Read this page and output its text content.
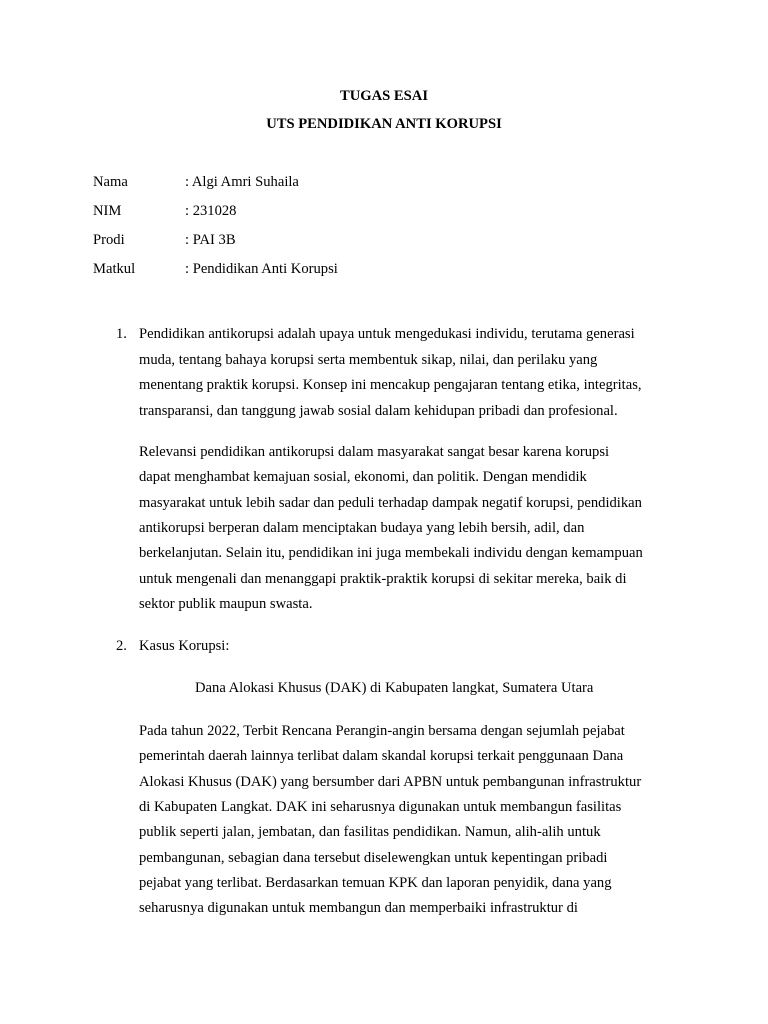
TUGAS ESAI
UTS PENDIDIKAN ANTI KORUPSI
Nama	: Algi Amri Suhaila
NIM	: 231028
Prodi	: PAI 3B
Matkul	: Pendidikan Anti Korupsi
1. Pendidikan antikorupsi adalah upaya untuk mengedukasi individu, terutama generasi
muda, tentang bahaya korupsi serta membentuk sikap, nilai, dan perilaku yang
menentang praktik korupsi. Konsep ini mencakup pengajaran tentang etika, integritas,
transparansi, dan tanggung jawab sosial dalam kehidupan pribadi dan profesional.
Relevansi pendidikan antikorupsi dalam masyarakat sangat besar karena korupsi
dapat menghambat kemajuan sosial, ekonomi, dan politik. Dengan mendidik
masyarakat untuk lebih sadar dan peduli terhadap dampak negatif korupsi, pendidikan
antikorupsi berperan dalam menciptakan budaya yang lebih bersih, adil, dan
berkelanjutan. Selain itu, pendidikan ini juga membekali individu dengan kemampuan
untuk mengenali dan menanggapi praktik-praktik korupsi di sekitar mereka, baik di
sektor publik maupun swasta.
2. Kasus Korupsi:
Dana Alokasi Khusus (DAK) di Kabupaten langkat, Sumatera Utara
Pada tahun 2022, Terbit Rencana Perangin-angin bersama dengan sejumlah pejabat
pemerintah daerah lainnya terlibat dalam skandal korupsi terkait penggunaan Dana
Alokasi Khusus (DAK) yang bersumber dari APBN untuk pembangunan infrastruktur
di Kabupaten Langkat. DAK ini seharusnya digunakan untuk membangun fasilitas
publik seperti jalan, jembatan, dan fasilitas pendidikan. Namun, alih-alih untuk
pembangunan, sebagian dana tersebut diselewengkan untuk kepentingan pribadi
pejabat yang terlibat. Berdasarkan temuan KPK dan laporan penyidik, dana yang
seharusnya digunakan untuk membangun dan memperbaiki infrastruktur di
